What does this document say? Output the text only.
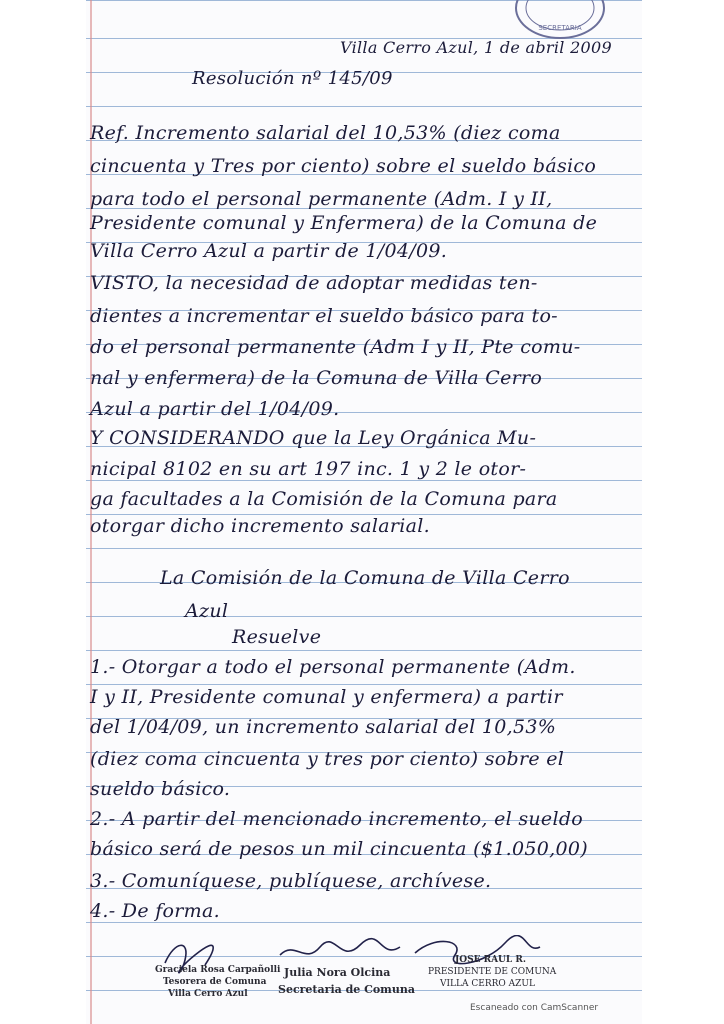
SECRETARIA
Villa Cerro Azul, 1 de abril 2009
Resolución nº 145/09
Ref. Incremento salarial del 10,53% (diez coma
cincuenta y Tres por ciento) sobre el sueldo básico
para todo el personal permanente (Adm. I y II,
Presidente comunal y Enfermera) de la Comuna de
Villa Cerro Azul a partir de 1/04/09.
VISTO, la necesidad de adoptar medidas ten-
dientes a incrementar el sueldo básico para to-
do el personal permanente (Adm I y II, Pte comu-
nal y enfermera) de la Comuna de Villa Cerro
Azul a partir del 1/04/09.
Y CONSIDERANDO que la Ley Orgánica Mu-
nicipal 8102 en su art 197 inc. 1 y 2 le otor-
ga facultades a la Comisión de la Comuna para
otorgar dicho incremento salarial.
La Comisión de la Comuna de Villa Cerro
Azul
Resuelve
1.- Otorgar a todo el personal permanente (Adm.
I y II, Presidente comunal y enfermera) a partir
del 1/04/09, un incremento salarial del 10,53%
(diez coma cincuenta y tres por ciento) sobre el
sueldo básico.
2.- A partir del mencionado incremento, el sueldo
básico será de pesos un mil cincuenta ($1.050,00)
3.- Comuníquese, publíquese, archívese.
4.- De forma.
Graciela Rosa Carpañolli
Tesorera de Comuna
Villa Cerro Azul
Julia Nora Olcina
Secretaria de Comuna
JOSE RAUL R.
PRESIDENTE DE COMUNA
VILLA CERRO AZUL
Escaneado con CamScanner
